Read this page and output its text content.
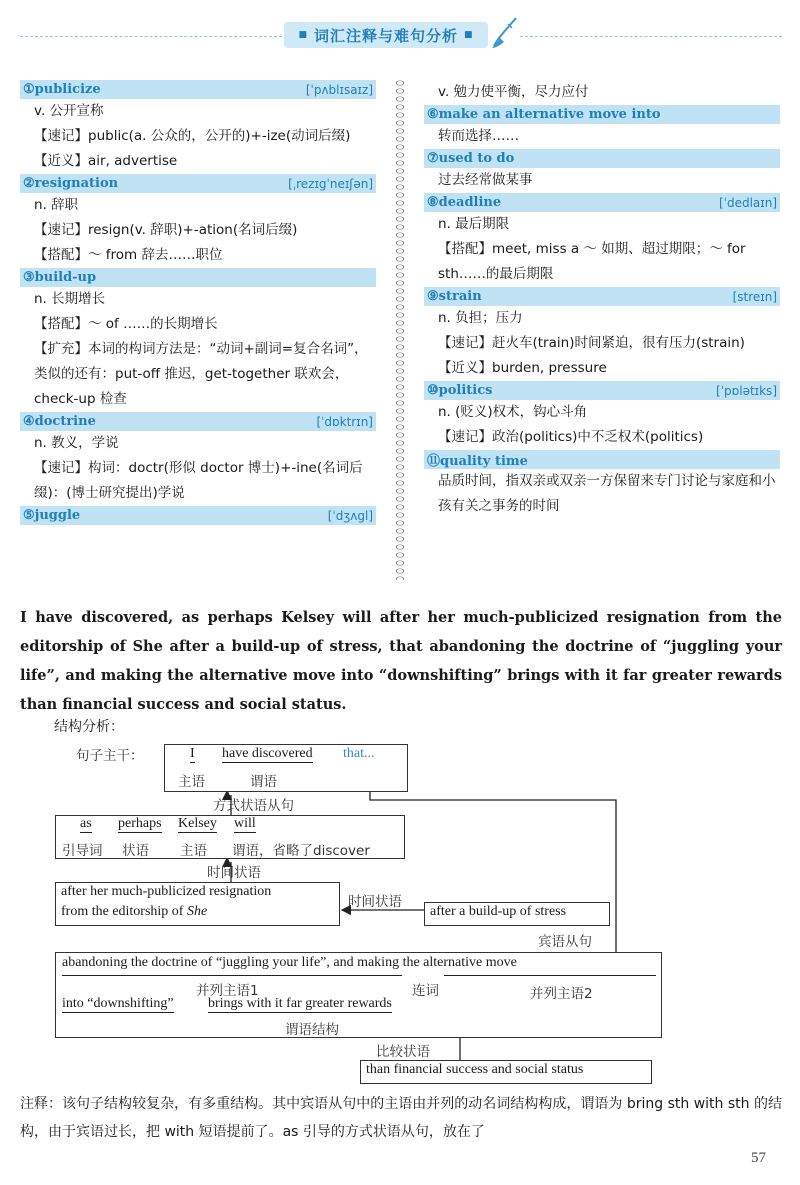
■ 词汇注释与难句分析 ■
①publicize	[ˈpʌblɪsaɪz]
v. 公开宣称
【速记】public(a. 公众的，公开的)+-ize(动词后缀)
【近义】air, advertise
②resignation	[ˌrezɪgˈneɪʃən]
n. 辞职
【速记】resign(v. 辞职)+-ation(名词后缀)
【搭配】～ from 辞去……职位
③build-up
n. 长期增长
【搭配】～ of ……的长期增长
【扩充】本词的构词方法是：“动词+副词=复合名词”，类似的还有：put-off 推迟，get-together 联欢会，check-up 检查
④doctrine	[ˈdɒktrɪn]
n. 教义，学说
【速记】构词：doctr(形似 doctor 博士)+-ine(名词后缀)：(博士研究提出)学说
⑤juggle	[ˈdʒʌgl]
v. 勉力使平衡，尽力应付
⑥make an alternative move into
转而选择……
⑦used to do
过去经常做某事
⑧deadline	[ˈdedlaɪn]
n. 最后期限
【搭配】meet, miss a ～ 如期、超过期限；～ for sth……的最后期限
⑨strain	[streɪn]
n. 负担；压力
【速记】赶火车(train)时间紧迫，很有压力(strain)
【近义】burden, pressure
⑩politics	[ˈpɒlətɪks]
n. (贬义)权术，钩心斗角
【速记】政治(politics)中不乏权术(politics)
⑪quality time
品质时间，指双亲或双亲一方保留来专门讨论与家庭和小孩有关之事务的时间
I have discovered, as perhaps Kelsey will after her much-publicized resignation from the editorship of She after a build-up of stress, that abandoning the doctrine of “juggling your life”, and making the alternative move into “downshifting” brings with it far greater rewards than financial success and social status.
结构分析：
句子主干：	I have discovered that...
主语	谓语
方式状语从句
as perhaps Kelsey will
引导词 状语 主语 谓语，省略了discover
时间状语
after her much-publicized resignation
from the editorship of She
时间状语
after a build-up of stress
宾语从句
abandoning the doctrine of “juggling your life”, and making the alternative move
并列主语1	连词	并列主语2
into “downshifting” brings with it far greater rewards
谓语结构
比较状语
than financial success and social status
注释：该句子结构较复杂，有多重结构。其中宾语从句中的主语由并列的动名词结构构成，谓语为 bring sth with sth 的结构，由于宾语过长，把 with 短语提前了。as 引导的方式状语从句，放在了
57
